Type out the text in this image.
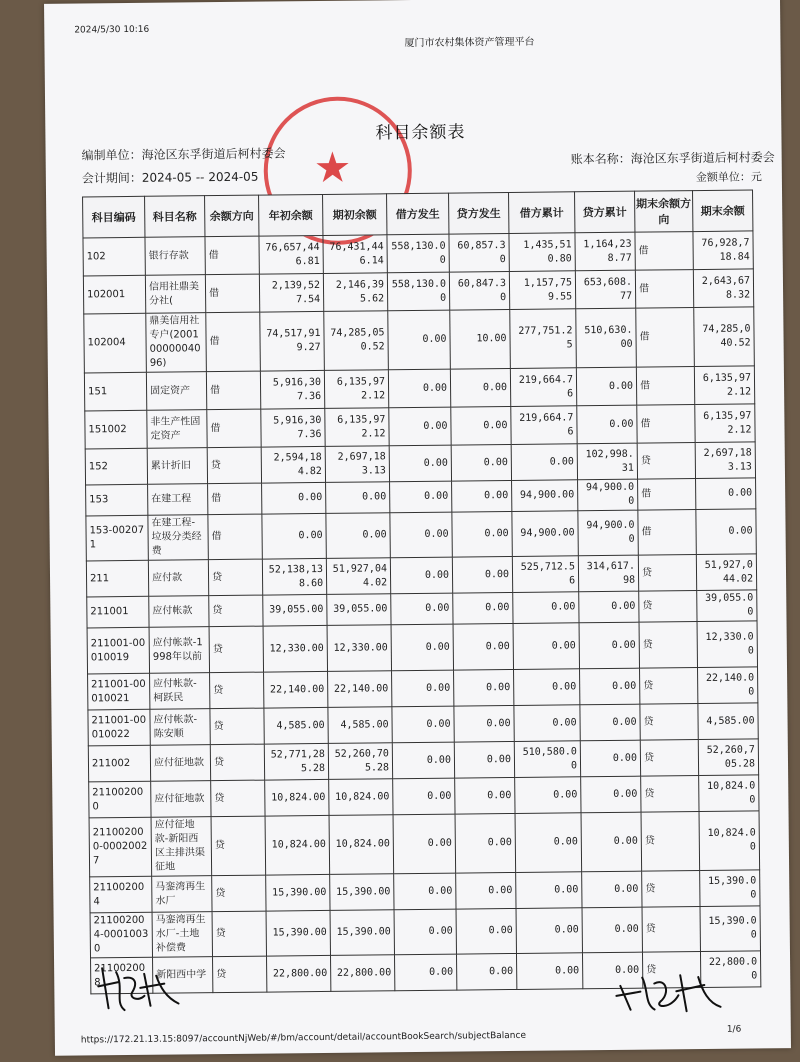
2024/5/30 10:16
厦门市农村集体资产管理平台
★
科目余额表
编制单位：海沧区东孚街道后柯村委会
会计期间：2024-05 -- 2024-05
账本名称：海沧区东孚街道后柯村委会
金额单位：元
科目编码	科目名称	余额方向	年初余额	期初余额	借方发生	贷方发生	借方累计	贷方累计	期末余额方向	期末余额
102	银行存款	借	76,657,446.81	76,431,446.14	558,130.00	60,857.30	1,435,510.80	1,164,238.77	借	76,928,718.84
102001	信用社鼎美分社(	借	2,139,527.54	2,146,395.62	558,130.00	60,847.30	1,157,759.55	653,608.77	借	2,643,678.32
102004	鼎美信用社专户(20010000004096)	借	74,517,919.27	74,285,050.52	0.00	10.00	277,751.25	510,630.00	借	74,285,040.52
151	固定资产	借	5,916,307.36	6,135,972.12	0.00	0.00	219,664.76	0.00	借	6,135,972.12
151002	非生产性固定资产	借	5,916,307.36	6,135,972.12	0.00	0.00	219,664.76	0.00	借	6,135,972.12
152	累计折旧	贷	2,594,184.82	2,697,183.13	0.00	0.00	0.00	102,998.31	贷	2,697,183.13
153	在建工程	借	0.00	0.00	0.00	0.00	94,900.00	94,900.00	借	0.00
153-002071	在建工程-垃圾分类经费	借	0.00	0.00	0.00	0.00	94,900.00	94,900.00	借	0.00
211	应付款	贷	52,138,138.60	51,927,044.02	0.00	0.00	525,712.56	314,617.98	贷	51,927,044.02
211001	应付帐款	贷	39,055.00	39,055.00	0.00	0.00	0.00	0.00	贷	39,055.00
211001-00010019	应付帐款-1998年以前	贷	12,330.00	12,330.00	0.00	0.00	0.00	0.00	贷	12,330.00
211001-00010021	应付帐款-柯跃民	贷	22,140.00	22,140.00	0.00	0.00	0.00	0.00	贷	22,140.00
211001-00010022	应付帐款-陈安顺	贷	4,585.00	4,585.00	0.00	0.00	0.00	0.00	贷	4,585.00
211002	应付征地款	贷	52,771,285.28	52,260,705.28	0.00	0.00	510,580.00	0.00	贷	52,260,705.28
211002000	应付征地款	贷	10,824.00	10,824.00	0.00	0.00	0.00	0.00	贷	10,824.00
211002000-00020027	应付征地款-新阳西区主排洪渠征地	贷	10,824.00	10,824.00	0.00	0.00	0.00	0.00	贷	10,824.00
211002004	马銮湾再生水厂	贷	15,390.00	15,390.00	0.00	0.00	0.00	0.00	贷	15,390.00
211002004-00010030	马銮湾再生水厂-土地补偿费	贷	15,390.00	15,390.00	0.00	0.00	0.00	0.00	贷	15,390.00
211002008	新阳西中学	贷	22,800.00	22,800.00	0.00	0.00	0.00	0.00	贷	22,800.00
https://172.21.13.15:8097/accountNjWeb/#/bm/account/detail/accountBookSearch/subjectBalance
1/6
